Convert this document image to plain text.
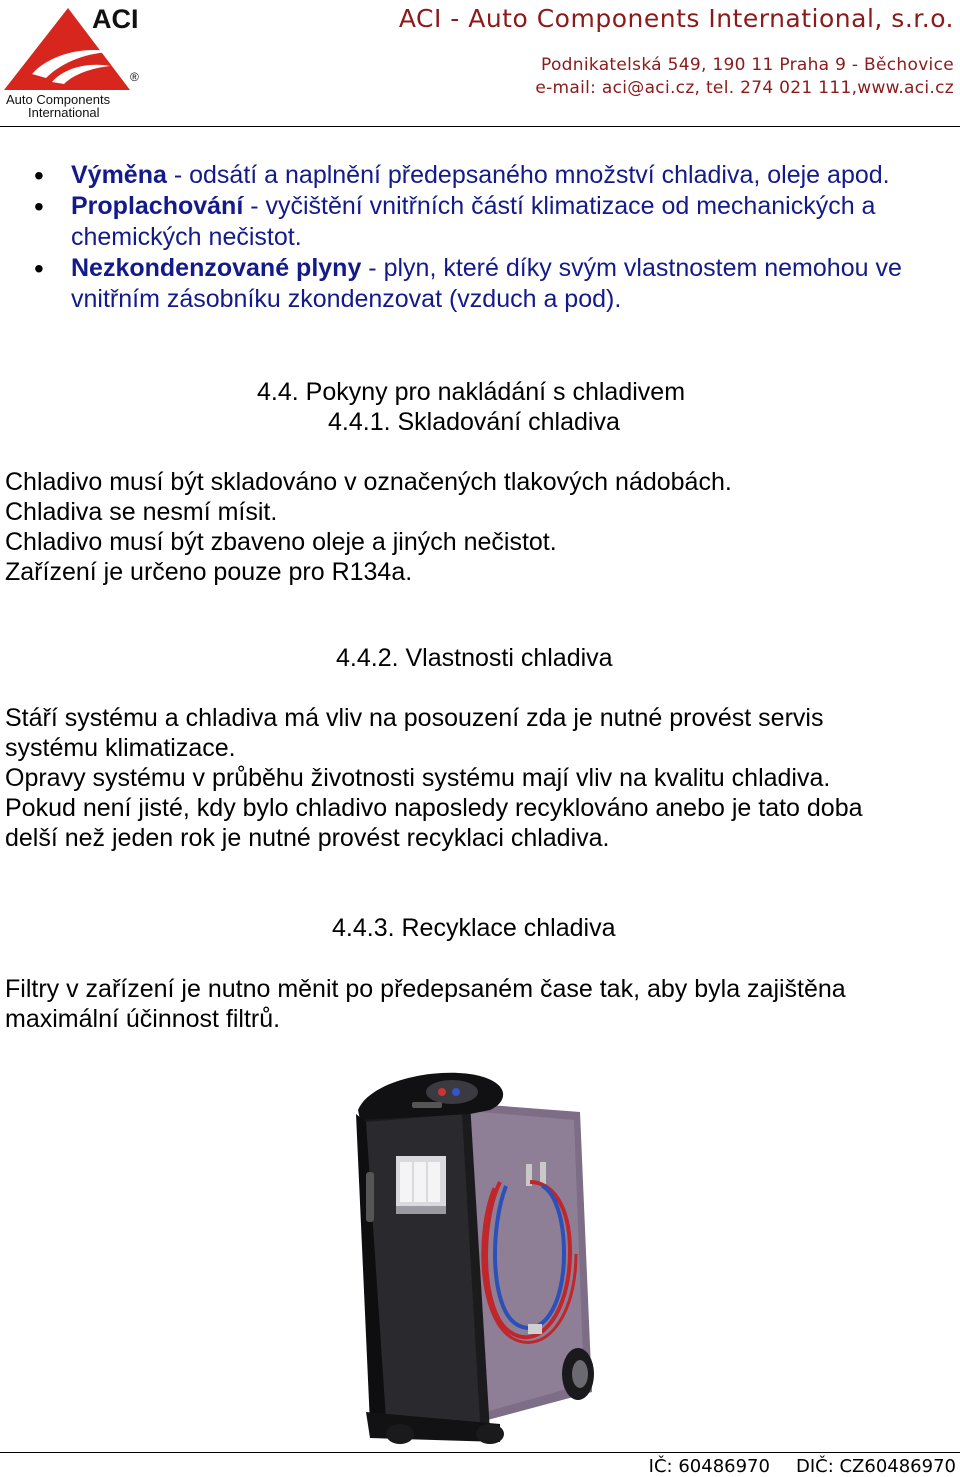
ACI
®
Auto Components
International
ACI - Auto Components International, s.r.o.
Podnikatelská 549, 190 11 Praha 9 - Běchovice
e-mail: aci@aci.cz, tel. 274 021 111,www.aci.cz
• Výměna - odsátí a naplnění předepsaného množství chladiva, oleje apod.
• Proplachování - vyčištění vnitřních částí klimatizace od mechanických a chemických nečistot.
• Nezkondenzované plyny - plyn, které díky svým vlastnostem nemohou ve vnitřním zásobníku zkondenzovat (vzduch a pod).
4.4. Pokyny pro nakládání s chladivem
4.4.1. Skladování chladiva
Chladivo musí být skladováno v označených tlakových nádobách.
Chladiva se nesmí mísit.
Chladivo musí být zbaveno oleje a jiných nečistot.
Zařízení je určeno pouze pro R134a.
4.4.2. Vlastnosti chladiva
Stáří systému a chladiva má vliv na posouzení zda je nutné provést servis
systému klimatizace.
Opravy systému v průběhu životnosti systému mají vliv na kvalitu chladiva.
Pokud není jisté, kdy bylo chladivo naposledy recyklováno anebo je tato doba
delší než jeden rok je nutné provést recyklaci chladiva.
4.4.3. Recyklace chladiva
Filtry v zařízení je nutno měnit po předepsaném čase tak, aby byla zajištěna
maximální účinnost filtrů.
IČ: 60486970 DIČ: CZ60486970
